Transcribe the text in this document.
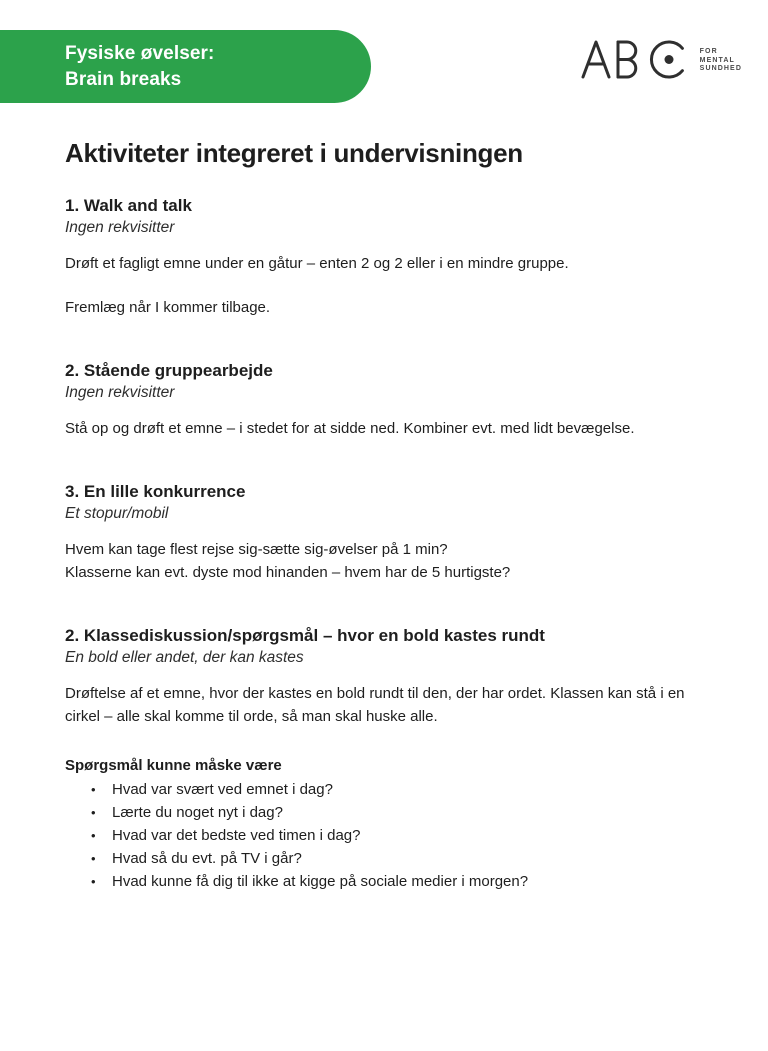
Fysiske øvelser:
Brain breaks
FOR
MENTAL
SUNDHED
Aktiviteter integreret i undervisningen
1. Walk and talk
Ingen rekvisitter

Drøft et fagligt emne under en gåtur – enten 2 og 2 eller i en mindre gruppe.

Fremlæg når I kommer tilbage.

2. Stående gruppearbejde
Ingen rekvisitter

Stå op og drøft et emne – i stedet for at sidde ned. Kombiner evt. med lidt bevægelse.

3. En lille konkurrence
Et stopur/mobil

Hvem kan tage flest rejse sig-sætte sig-øvelser på 1 min?

Klasserne kan evt. dyste mod hinanden – hvem har de 5 hurtigste?

2. Klassediskussion/spørgsmål – hvor en bold kastes rundt
En bold eller andet, der kan kastes

Drøftelse af et emne, hvor der kastes en bold rundt til den, der har ordet. Klassen kan stå i en cirkel – alle skal komme til orde, så man skal huske alle.

Spørgsmål kunne måske være
•	Hvad var svært ved emnet i dag?
•	Lærte du noget nyt i dag?
•	Hvad var det bedste ved timen i dag?
•	Hvad så du evt. på TV i går?
•	Hvad kunne få dig til ikke at kigge på sociale medier i morgen?
